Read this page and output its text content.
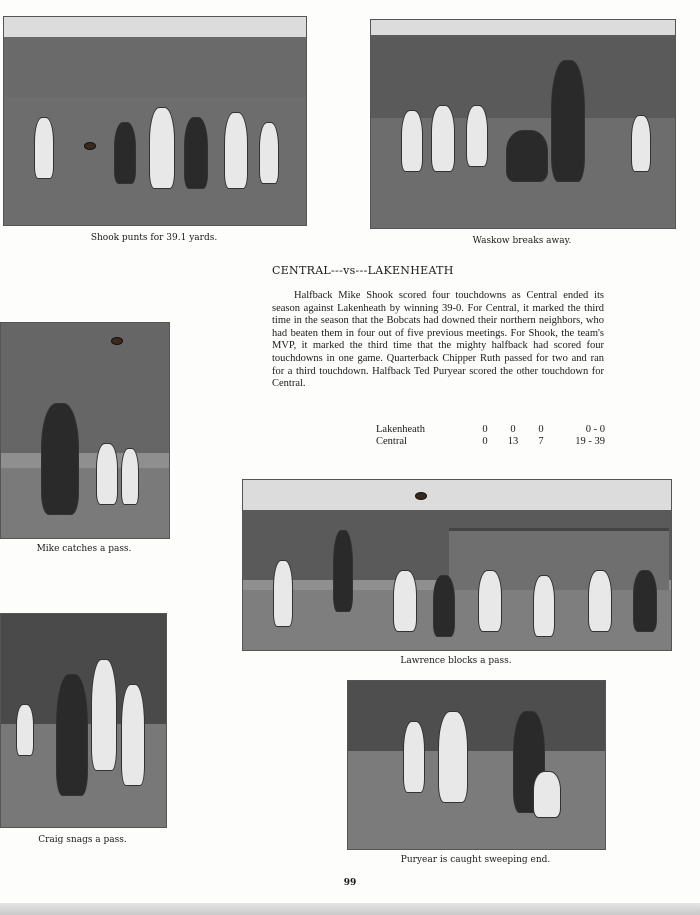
Shook punts for 39.1 yards.	Waskow breaks away.
CENTRAL---vs---LAKENHEATH
Halfback Mike Shook scored four touchdowns as Central ended its season against Lakenheath by winning 39-0. For Central, it marked the third time in the season that the Bobcats had downed their northern neighbors, who had beaten them in four out of five previous meetings. For Shook, the team's MVP, it marked the third time that the mighty halfback had scored four touchdowns in one game. Quarterback Chipper Ruth passed for two and ran for a third touchdown. Halfback Ted Puryear scored the other touchdown for Central.
Lakenheath	0	0	0	0 - 0
Central	0	13	7	19 - 39
Mike catches a pass.
Lawrence blocks a pass.
Craig snags a pass.
Puryear is caught sweeping end.
99
